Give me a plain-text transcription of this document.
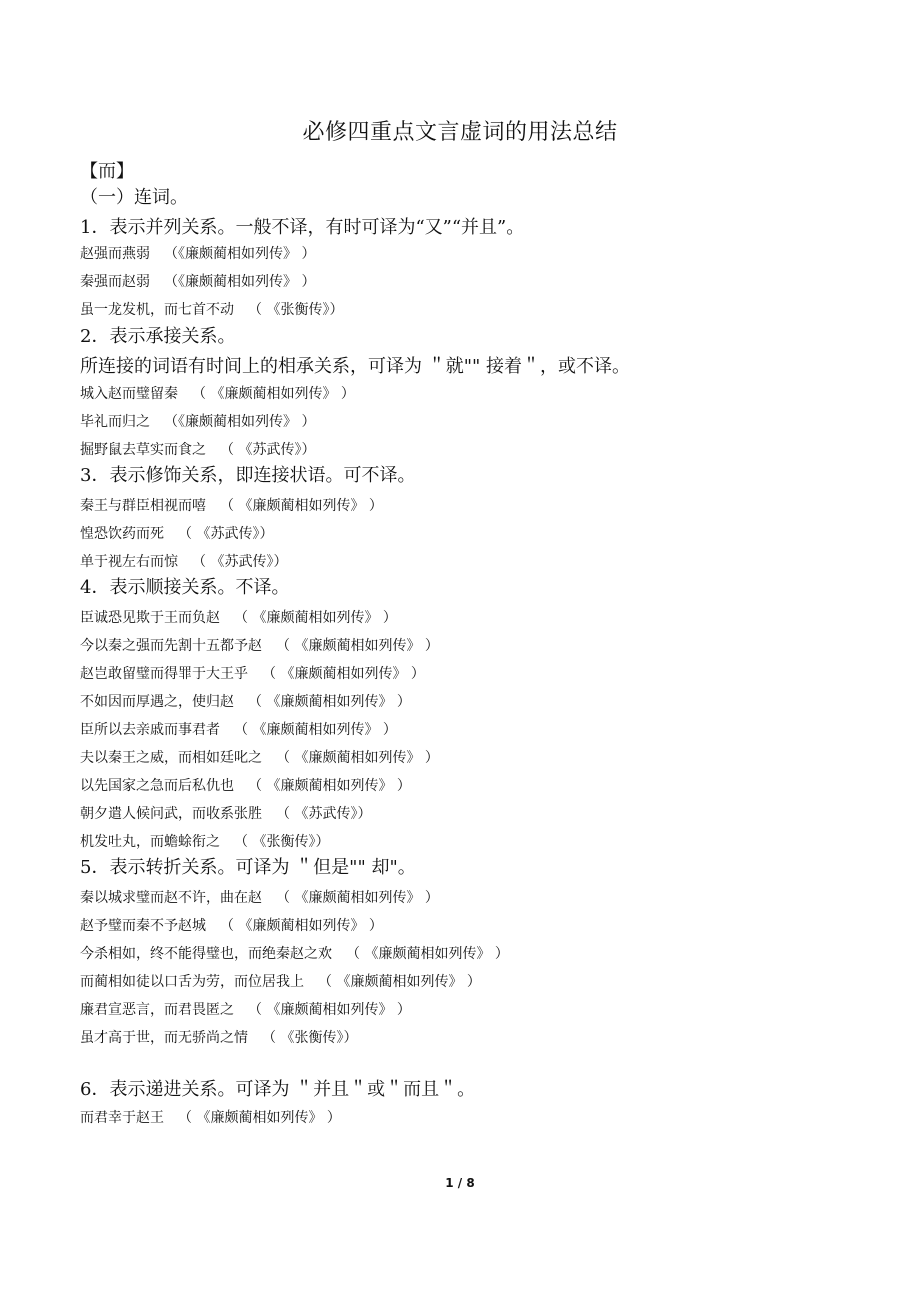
必修四重点文言虚词的用法总结
【而】
（一）连词。
1．表示并列关系。一般不译，有时可译为“又”“并且”。
赵强而燕弱 （《廉颇蔺相如列传》 ）
秦强而赵弱 （《廉颇蔺相如列传》 ）
虽一龙发机，而七首不动 （ 《张衡传》）
2．表示承接关系。
所连接的词语有时间上的相承关系，可译为 ＂就"" 接着＂，或不译。
城入赵而璧留秦 （ 《廉颇蔺相如列传》 ）
毕礼而归之 （《廉颇蔺相如列传》 ）
掘野鼠去草实而食之 （ 《苏武传》）
3．表示修饰关系，即连接状语。可不译。
秦王与群臣相视而嘻 （ 《廉颇蔺相如列传》 ）
惶恐饮药而死 （ 《苏武传》）
单于视左右而惊 （ 《苏武传》）
4．表示顺接关系。不译。
臣诚恐见欺于王而负赵 （ 《廉颇蔺相如列传》 ）
今以秦之强而先割十五都予赵 （ 《廉颇蔺相如列传》 ）
赵岂敢留璧而得罪于大王乎 （ 《廉颇蔺相如列传》 ）
不如因而厚遇之，使归赵 （ 《廉颇蔺相如列传》 ）
臣所以去亲戚而事君者 （ 《廉颇蔺相如列传》 ）
夫以秦王之威，而相如廷叱之 （ 《廉颇蔺相如列传》 ）
以先国家之急而后私仇也 （ 《廉颇蔺相如列传》 ）
朝夕遣人候问武，而收系张胜 （ 《苏武传》）
机发吐丸，而蟾蜍衔之 （ 《张衡传》）
5．表示转折关系。可译为 ＂但是"" 却"。
秦以城求璧而赵不许，曲在赵 （ 《廉颇蔺相如列传》 ）
赵予璧而秦不予赵城 （ 《廉颇蔺相如列传》 ）
今杀相如，终不能得璧也，而绝秦赵之欢 （ 《廉颇蔺相如列传》 ）
而蔺相如徒以口舌为劳，而位居我上 （ 《廉颇蔺相如列传》 ）
廉君宣恶言，而君畏匿之 （ 《廉颇蔺相如列传》 ）
虽才高于世，而无骄尚之情 （ 《张衡传》）
6．表示递进关系。可译为 ＂并且＂或＂而且＂。
而君幸于赵王 （ 《廉颇蔺相如列传》 ）
1 / 8
